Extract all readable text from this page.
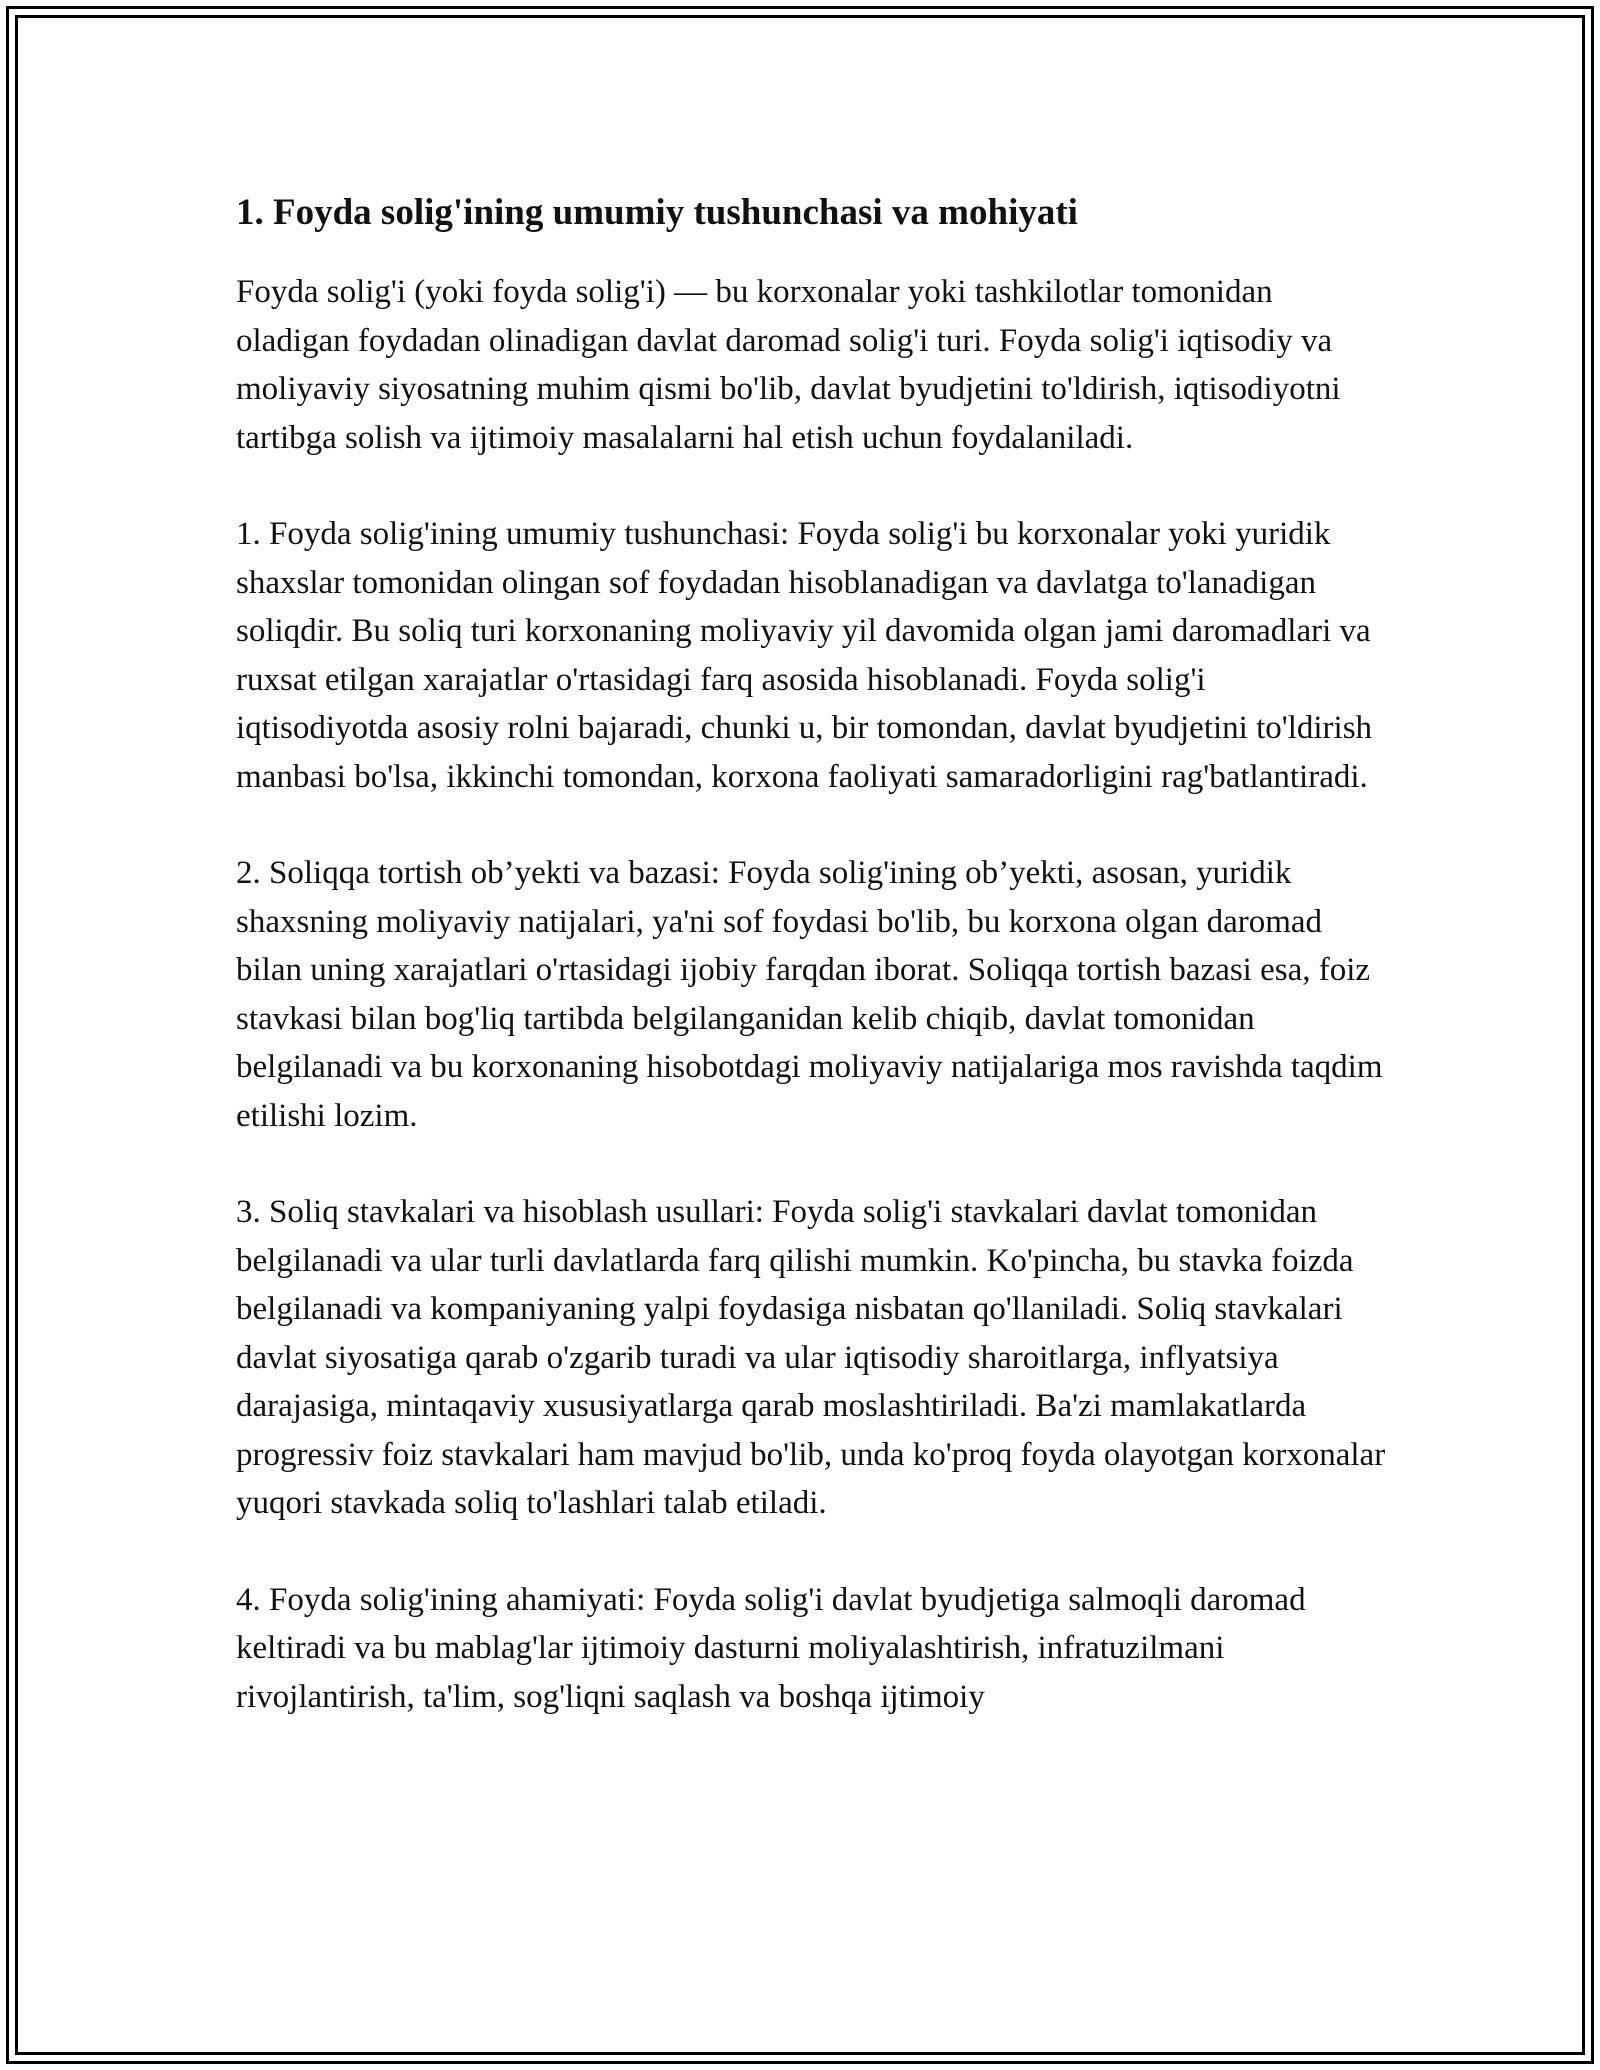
1. Foyda solig'ining umumiy tushunchasi va mohiyati

Foyda solig'i (yoki foyda solig'i) — bu korxonalar yoki tashkilotlar tomonidan oladigan foydadan olinadigan davlat daromad solig'i turi. Foyda solig'i iqtisodiy va moliyaviy siyosatning muhim qismi bo'lib, davlat byudjetini to'ldirish, iqtisodiyotni tartibga solish va ijtimoiy masalalarni hal etish uchun foydalaniladi.

1. Foyda solig'ining umumiy tushunchasi: Foyda solig'i bu korxonalar yoki yuridik shaxslar tomonidan olingan sof foydadan hisoblanadigan va davlatga to'lanadigan soliqdir. Bu soliq turi korxonaning moliyaviy yil davomida olgan jami daromadlari va ruxsat etilgan xarajatlar o'rtasidagi farq asosida hisoblanadi. Foyda solig'i iqtisodiyotda asosiy rolni bajaradi, chunki u, bir tomondan, davlat byudjetini to'ldirish manbasi bo'lsa, ikkinchi tomondan, korxona faoliyati samaradorligini rag'batlantiradi.

2. Soliqqa tortish ob’yekti va bazasi: Foyda solig'ining ob’yekti, asosan, yuridik shaxsning moliyaviy natijalari, ya'ni sof foydasi bo'lib, bu korxona olgan daromad bilan uning xarajatlari o'rtasidagi ijobiy farqdan iborat. Soliqqa tortish bazasi esa, foiz stavkasi bilan bog'liq tartibda belgilanganidan kelib chiqib, davlat tomonidan belgilanadi va bu korxonaning hisobotdagi moliyaviy natijalariga mos ravishda taqdim etilishi lozim.

3. Soliq stavkalari va hisoblash usullari: Foyda solig'i stavkalari davlat tomonidan belgilanadi va ular turli davlatlarda farq qilishi mumkin. Ko'pincha, bu stavka foizda belgilanadi va kompaniyaning yalpi foydasiga nisbatan qo'llaniladi. Soliq stavkalari davlat siyosatiga qarab o'zgarib turadi va ular iqtisodiy sharoitlarga, inflyatsiya darajasiga, mintaqaviy xususiyatlarga qarab moslashtiriladi. Ba'zi mamlakatlarda progressiv foiz stavkalari ham mavjud bo'lib, unda ko'proq foyda olayotgan korxonalar yuqori stavkada soliq to'lashlari talab etiladi.

4. Foyda solig'ining ahamiyati: Foyda solig'i davlat byudjetiga salmoqli daromad keltiradi va bu mablag'lar ijtimoiy dasturni moliyalashtirish, infratuzilmani rivojlantirish, ta'lim, sog'liqni saqlash va boshqa ijtimoiy
